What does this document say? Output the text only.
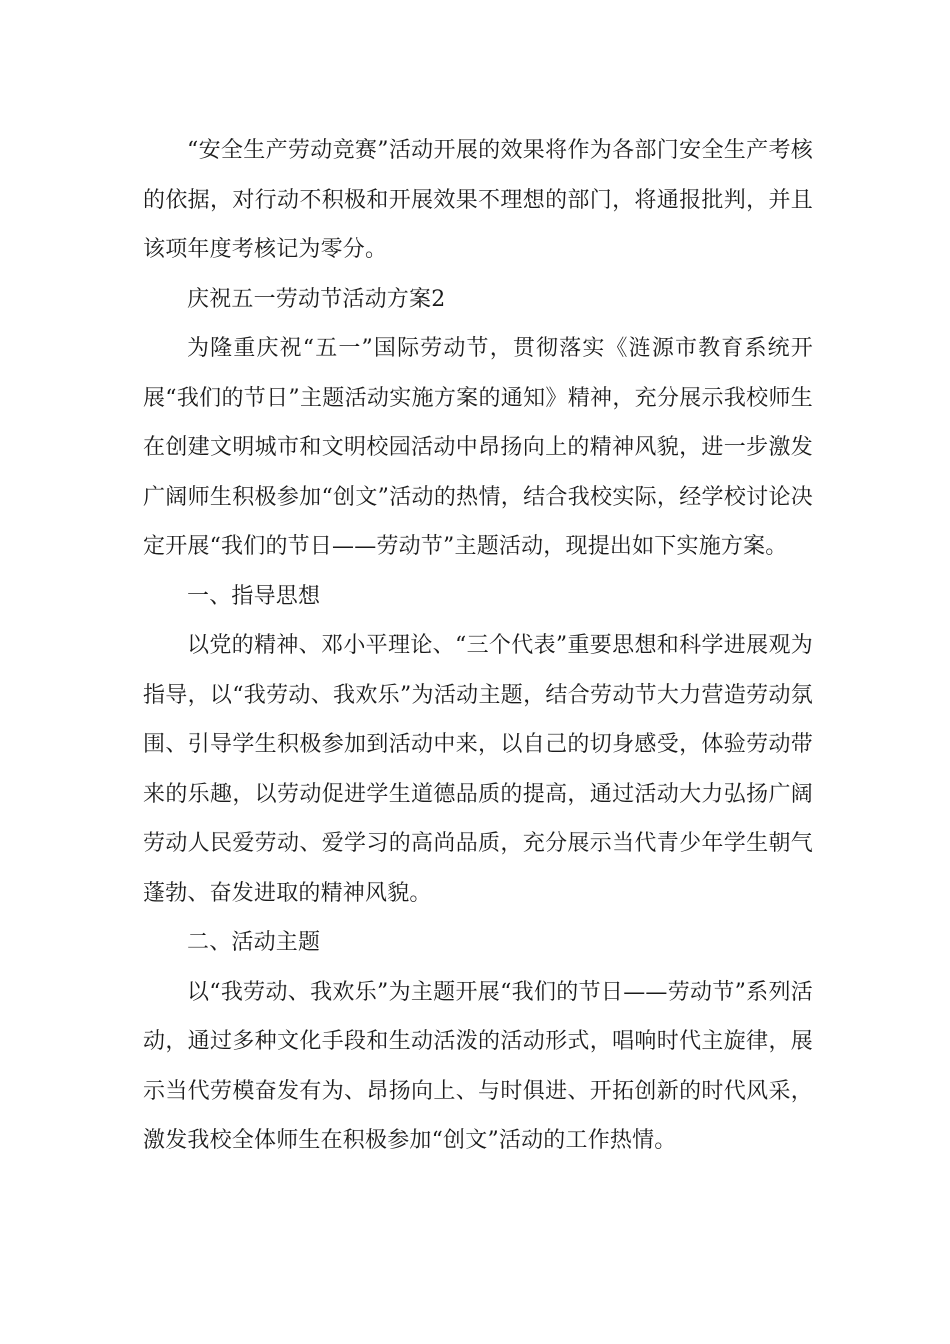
“安全生产劳动竞赛”活动开展的效果将作为各部门安全生产考核的依据，对行动不积极和开展效果不理想的部门，将通报批判，并且该项年度考核记为零分。

庆祝五一劳动节活动方案2

为隆重庆祝“五一”国际劳动节，贯彻落实《涟源市教育系统开展“我们的节日”主题活动实施方案的通知》精神，充分展示我校师生在创建文明城市和文明校园活动中昂扬向上的精神风貌，进一步激发广阔师生积极参加“创文”活动的热情，结合我校实际，经学校讨论决定开展“我们的节日——劳动节”主题活动，现提出如下实施方案。

一、指导思想

以党的精神、邓小平理论、“三个代表”重要思想和科学进展观为指导，以“我劳动、我欢乐”为活动主题，结合劳动节大力营造劳动氛围、引导学生积极参加到活动中来，以自己的切身感受，体验劳动带来的乐趣，以劳动促进学生道德品质的提高，通过活动大力弘扬广阔劳动人民爱劳动、爱学习的高尚品质，充分展示当代青少年学生朝气蓬勃、奋发进取的精神风貌。

二、活动主题

以“我劳动、我欢乐”为主题开展“我们的节日——劳动节”系列活动，通过多种文化手段和生动活泼的活动形式，唱响时代主旋律，展示当代劳模奋发有为、昂扬向上、与时俱进、开拓创新的时代风采，激发我校全体师生在积极参加“创文”活动的工作热情。
